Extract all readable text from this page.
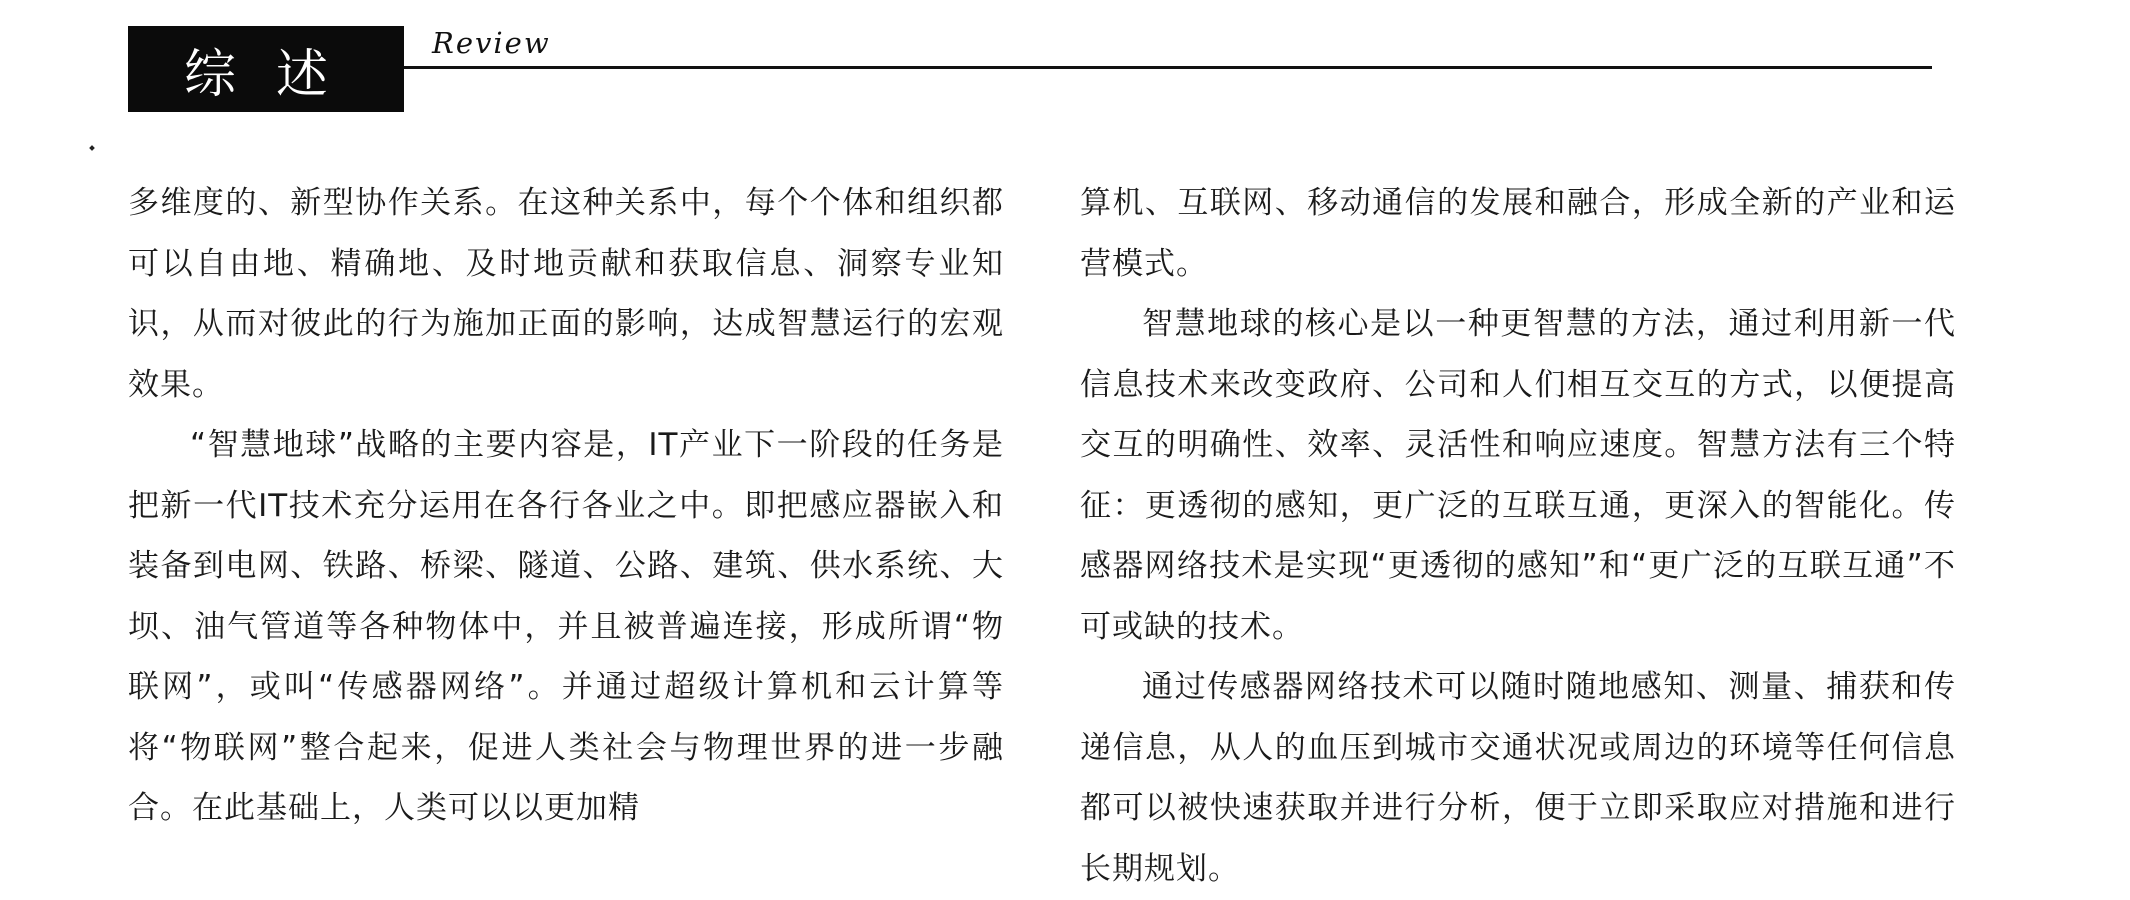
综述
Review

多维度的、新型协作关系。在这种关系中，每个个体和组织都可以自由地、精确地、及时地贡献和获取信息、洞察专业知识，从而对彼此的行为施加正面的影响，达成智慧运行的宏观效果。

“智慧地球”战略的主要内容是，IT产业下一阶段的任务是把新一代IT技术充分运用在各行各业之中。即把感应器嵌入和装备到电网、铁路、桥梁、隧道、公路、建筑、供水系统、大坝、油气管道等各种物体中，并且被普遍连接，形成所谓“物联网”，或叫“传感器网络”。并通过超级计算机和云计算等将“物联网”整合起来，促进人类社会与物理世界的进一步融合。在此基础上，人类可以以更加精

算机、互联网、移动通信的发展和融合，形成全新的产业和运营模式。

智慧地球的核心是以一种更智慧的方法，通过利用新一代信息技术来改变政府、公司和人们相互交互的方式，以便提高交互的明确性、效率、灵活性和响应速度。智慧方法有三个特征：更透彻的感知，更广泛的互联互通，更深入的智能化。传感器网络技术是实现“更透彻的感知”和“更广泛的互联互通”不可或缺的技术。

通过传感器网络技术可以随时随地感知、测量、捕获和传递信息，从人的血压到城市交通状况或周边的环境等任何信息都可以被快速获取并进行分析，便于立即采取应对措施和进行长期规划。
